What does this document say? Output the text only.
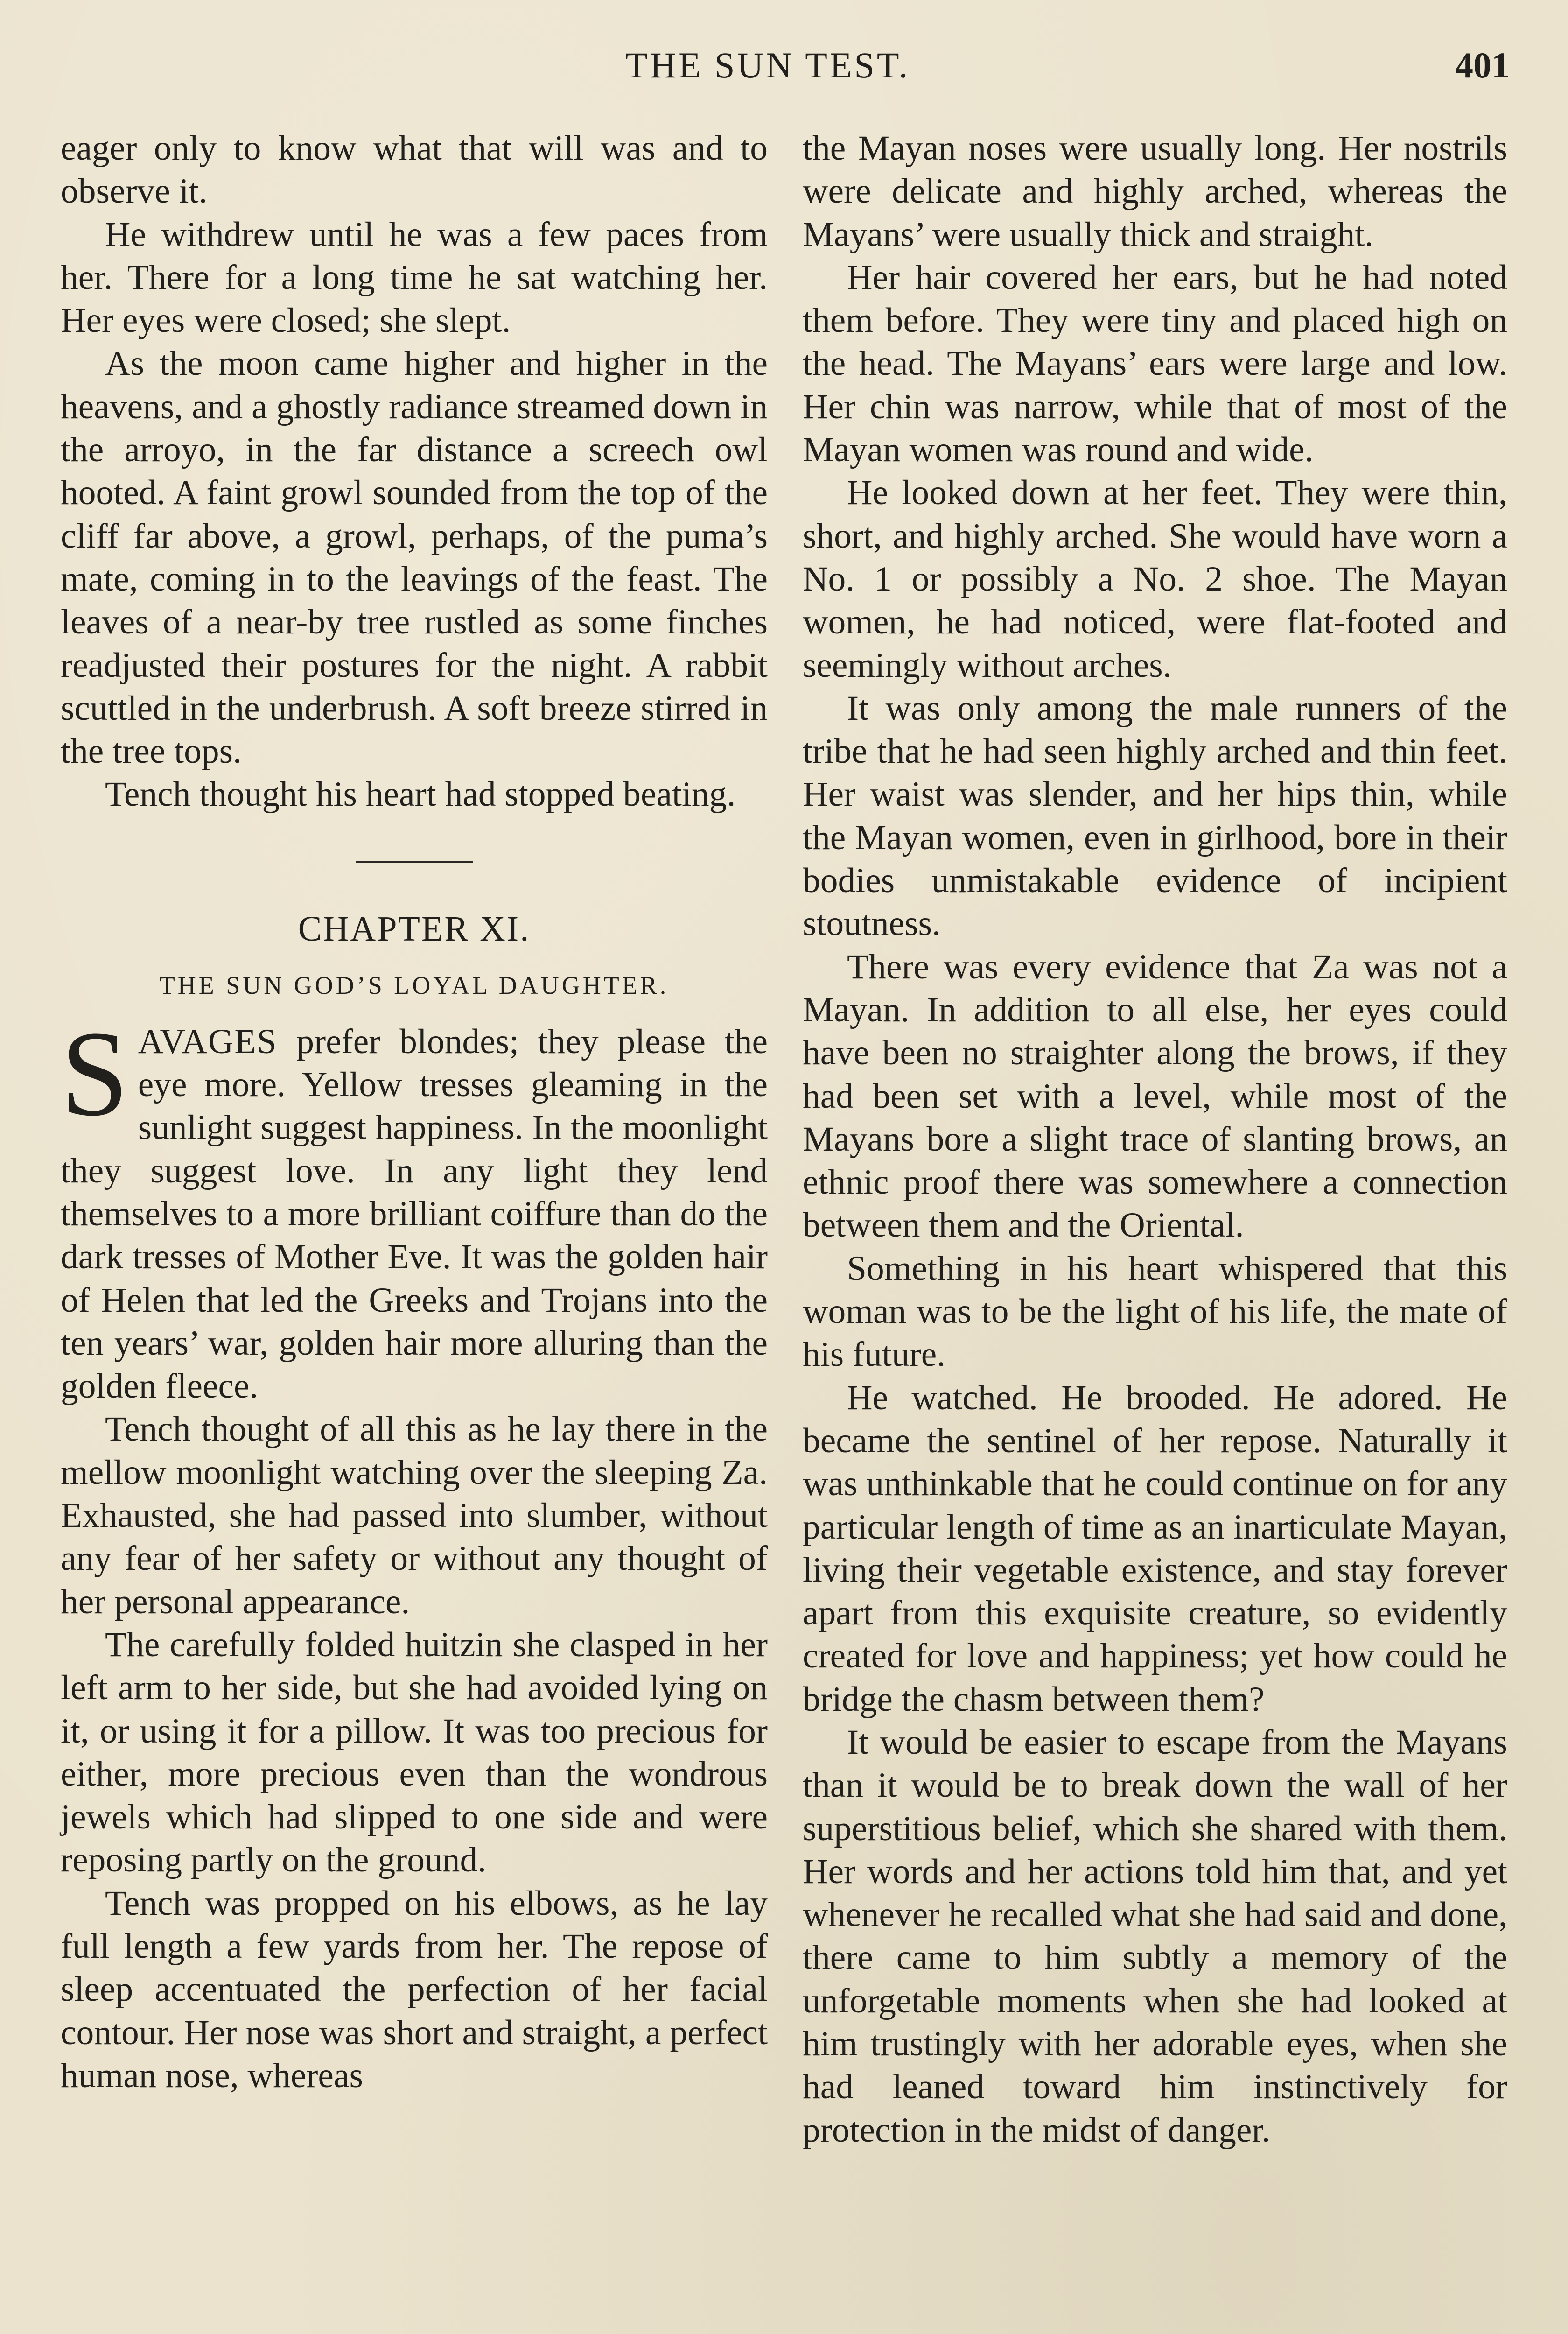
THE SUN TEST.	401

eager only to know what that will was and to observe it.

He withdrew until he was a few paces from her. There for a long time he sat watching her. Her eyes were closed; she slept.

As the moon came higher and higher in the heavens, and a ghostly radiance streamed down in the arroyo, in the far distance a screech owl hooted. A faint growl sounded from the top of the cliff far above, a growl, perhaps, of the puma’s mate, coming in to the leavings of the feast. The leaves of a near-by tree rustled as some finches readjusted their postures for the night. A rabbit scuttled in the underbrush. A soft breeze stirred in the tree tops.

Tench thought his heart had stopped beating.

CHAPTER XI.
THE SUN GOD’S LOYAL DAUGHTER.

SAVAGES prefer blondes; they please the eye more. Yellow tresses gleaming in the sunlight suggest happiness. In the moonlight they suggest love. In any light they lend themselves to a more brilliant coiffure than do the dark tresses of Mother Eve. It was the golden hair of Helen that led the Greeks and Trojans into the ten years’ war, golden hair more alluring than the golden fleece.

Tench thought of all this as he lay there in the mellow moonlight watching over the sleeping Za. Exhausted, she had passed into slumber, without any fear of her safety or without any thought of her personal appearance.

The carefully folded huitzin she clasped in her left arm to her side, but she had avoided lying on it, or using it for a pillow. It was too precious for either, more precious even than the wondrous jewels which had slipped to one side and were reposing partly on the ground.

Tench was propped on his elbows, as he lay full length a few yards from her. The repose of sleep accentuated the perfection of her facial contour. Her nose was short and straight, a perfect human nose, whereas

the Mayan noses were usually long. Her nostrils were delicate and highly arched, whereas the Mayans’ were usually thick and straight.

Her hair covered her ears, but he had noted them before. They were tiny and placed high on the head. The Mayans’ ears were large and low. Her chin was narrow, while that of most of the Mayan women was round and wide.

He looked down at her feet. They were thin, short, and highly arched. She would have worn a No. 1 or possibly a No. 2 shoe. The Mayan women, he had noticed, were flat-footed and seemingly without arches.

It was only among the male runners of the tribe that he had seen highly arched and thin feet. Her waist was slender, and her hips thin, while the Mayan women, even in girlhood, bore in their bodies unmistakable evidence of incipient stoutness.

There was every evidence that Za was not a Mayan. In addition to all else, her eyes could have been no straighter along the brows, if they had been set with a level, while most of the Mayans bore a slight trace of slanting brows, an ethnic proof there was somewhere a connection between them and the Oriental.

Something in his heart whispered that this woman was to be the light of his life, the mate of his future.

He watched. He brooded. He adored. He became the sentinel of her repose. Naturally it was unthinkable that he could continue on for any particular length of time as an inarticulate Mayan, living their vegetable existence, and stay forever apart from this exquisite creature, so evidently created for love and happiness; yet how could he bridge the chasm between them?

It would be easier to escape from the Mayans than it would be to break down the wall of her superstitious belief, which she shared with them. Her words and her actions told him that, and yet whenever he recalled what she had said and done, there came to him subtly a memory of the unforgetable moments when she had looked at him trustingly with her adorable eyes, when she had leaned toward him instinctively for protection in the midst of danger.
